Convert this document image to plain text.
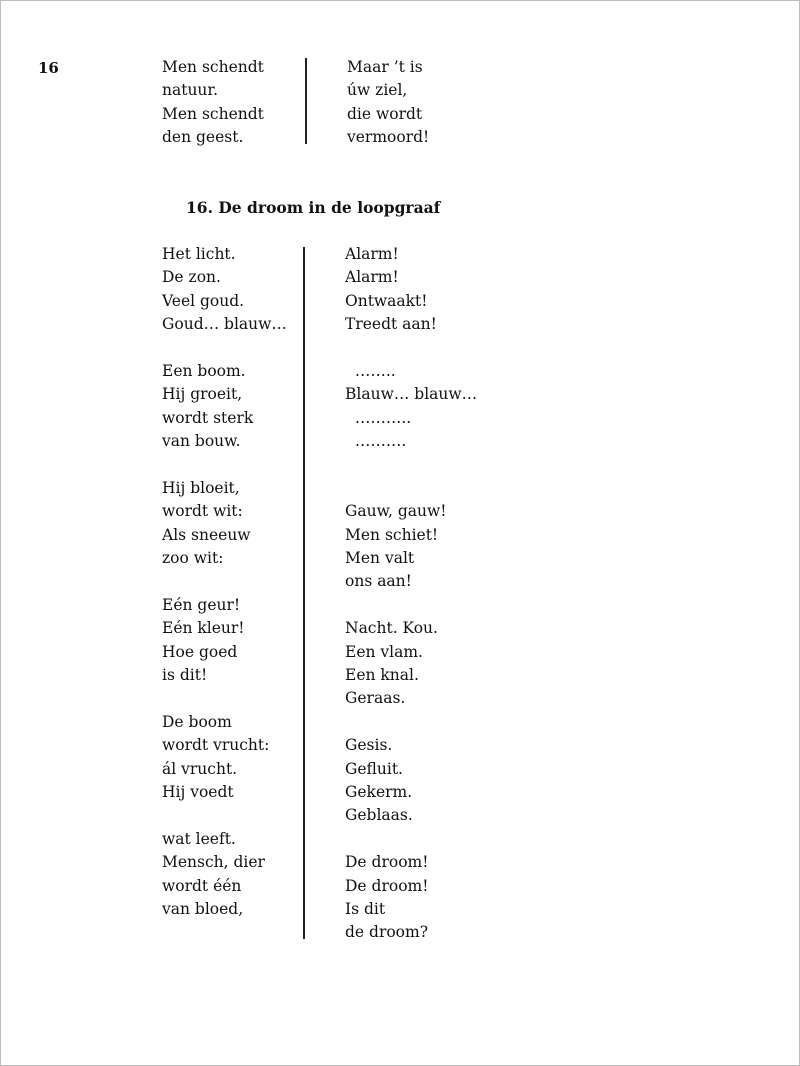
16	Men schendt
natuur.
Men schendt
den geest.
Maar ’t is
úw ziel,
die wordt
vermoord!
16. De droom in de loopgraaf
Het licht.
De zon.
Veel goud.
Goud… blauw…
Een boom.
Hij groeit,
wordt sterk
van bouw.
Hij bloeit,
wordt wit:
Als sneeuw
zoo wit:
Eén geur!
Eén kleur!
Hoe goed
is dit!
De boom
wordt vrucht:
ál vrucht.
Hij voedt
wat leeft.
Mensch, dier
wordt één
van bloed,
Alarm!
Alarm!
Ontwaakt!
Treedt aan!
……..
Blauw… blauw…
………..
……….
Gauw, gauw!
Men schiet!
Men valt
ons aan!
Nacht. Kou.
Een vlam.
Een knal.
Geraas.
Gesis.
Gefluit.
Gekerm.
Geblaas.
De droom!
De droom!
Is dit
de droom?
